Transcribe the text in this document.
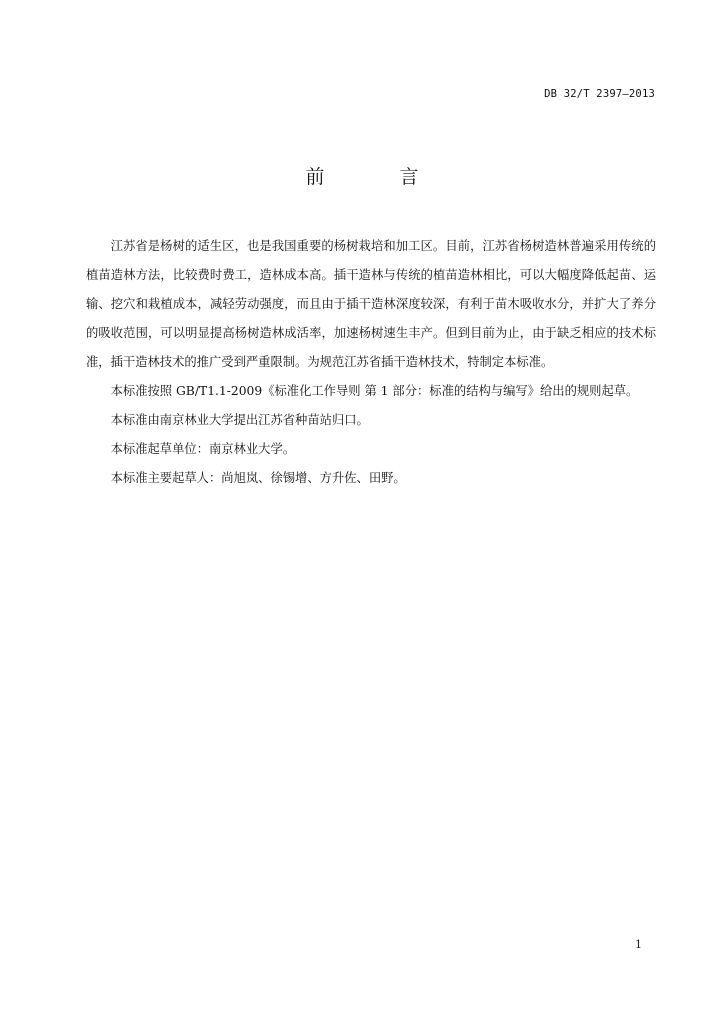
DB 32/T 2397—2013
前　言

江苏省是杨树的适生区，也是我国重要的杨树栽培和加工区。目前，江苏省杨树造林普遍采用传统的植苗造林方法，比较费时费工，造林成本高。插干造林与传统的植苗造林相比，可以大幅度降低起苗、运输、挖穴和栽植成本，减轻劳动强度，而且由于插干造林深度较深，有利于苗木吸收水分，并扩大了养分的吸收范围，可以明显提高杨树造林成活率，加速杨树速生丰产。但到目前为止，由于缺乏相应的技术标准，插干造林技术的推广受到严重限制。为规范江苏省插干造林技术，特制定本标准。

本标准按照 GB/T1.1-2009《标准化工作导则 第 1 部分：标准的结构与编写》给出的规则起草。

本标准由南京林业大学提出江苏省种苗站归口。

本标准起草单位：南京林业大学。

本标准主要起草人：尚旭岚、徐锡增、方升佐、田野。

1
